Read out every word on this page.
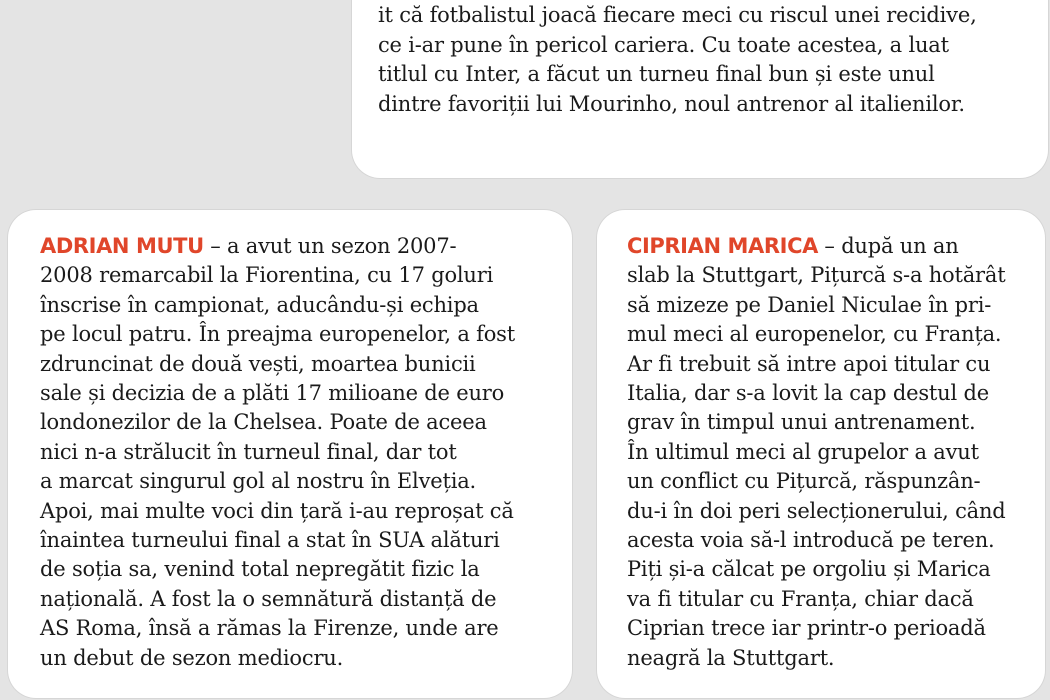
it că fotbalistul joacă fiecare meci cu riscul unei recidive,
ce i-ar pune în pericol cariera. Cu toate acestea, a luat
titlul cu Inter, a făcut un turneu final bun și este unul
dintre favoriții lui Mourinho, noul antrenor al italienilor.

ADRIAN MUTU – a avut un sezon 2007-
2008 remarcabil la Fiorentina, cu 17 goluri
înscrise în campionat, aducându-și echipa
pe locul patru. În preajma europenelor, a fost
zdruncinat de două vești, moartea bunicii
sale și decizia de a plăti 17 milioane de euro
londonezilor de la Chelsea. Poate de aceea
nici n-a strălucit în turneul final, dar tot
a marcat singurul gol al nostru în Elveția.
Apoi, mai multe voci din țară i-au reproșat că
înaintea turneului final a stat în SUA alături
de soția sa, venind total nepregătit fizic la
națională. A fost la o semnătură distanță de
AS Roma, însă a rămas la Firenze, unde are
un debut de sezon mediocru.

CIPRIAN MARICA – după un an
slab la Stuttgart, Pițurcă s-a hotărât
să mizeze pe Daniel Niculae în pri-
mul meci al europenelor, cu Franța.
Ar fi trebuit să intre apoi titular cu
Italia, dar s-a lovit la cap destul de
grav în timpul unui antrenament.
În ultimul meci al grupelor a avut
un conflict cu Pițurcă, răspunzân-
du-i în doi peri selecționerului, când
acesta voia să-l introducă pe teren.
Piți și-a călcat pe orgoliu și Marica
va fi titular cu Franța, chiar dacă
Ciprian trece iar printr-o perioadă
neagră la Stuttgart.
